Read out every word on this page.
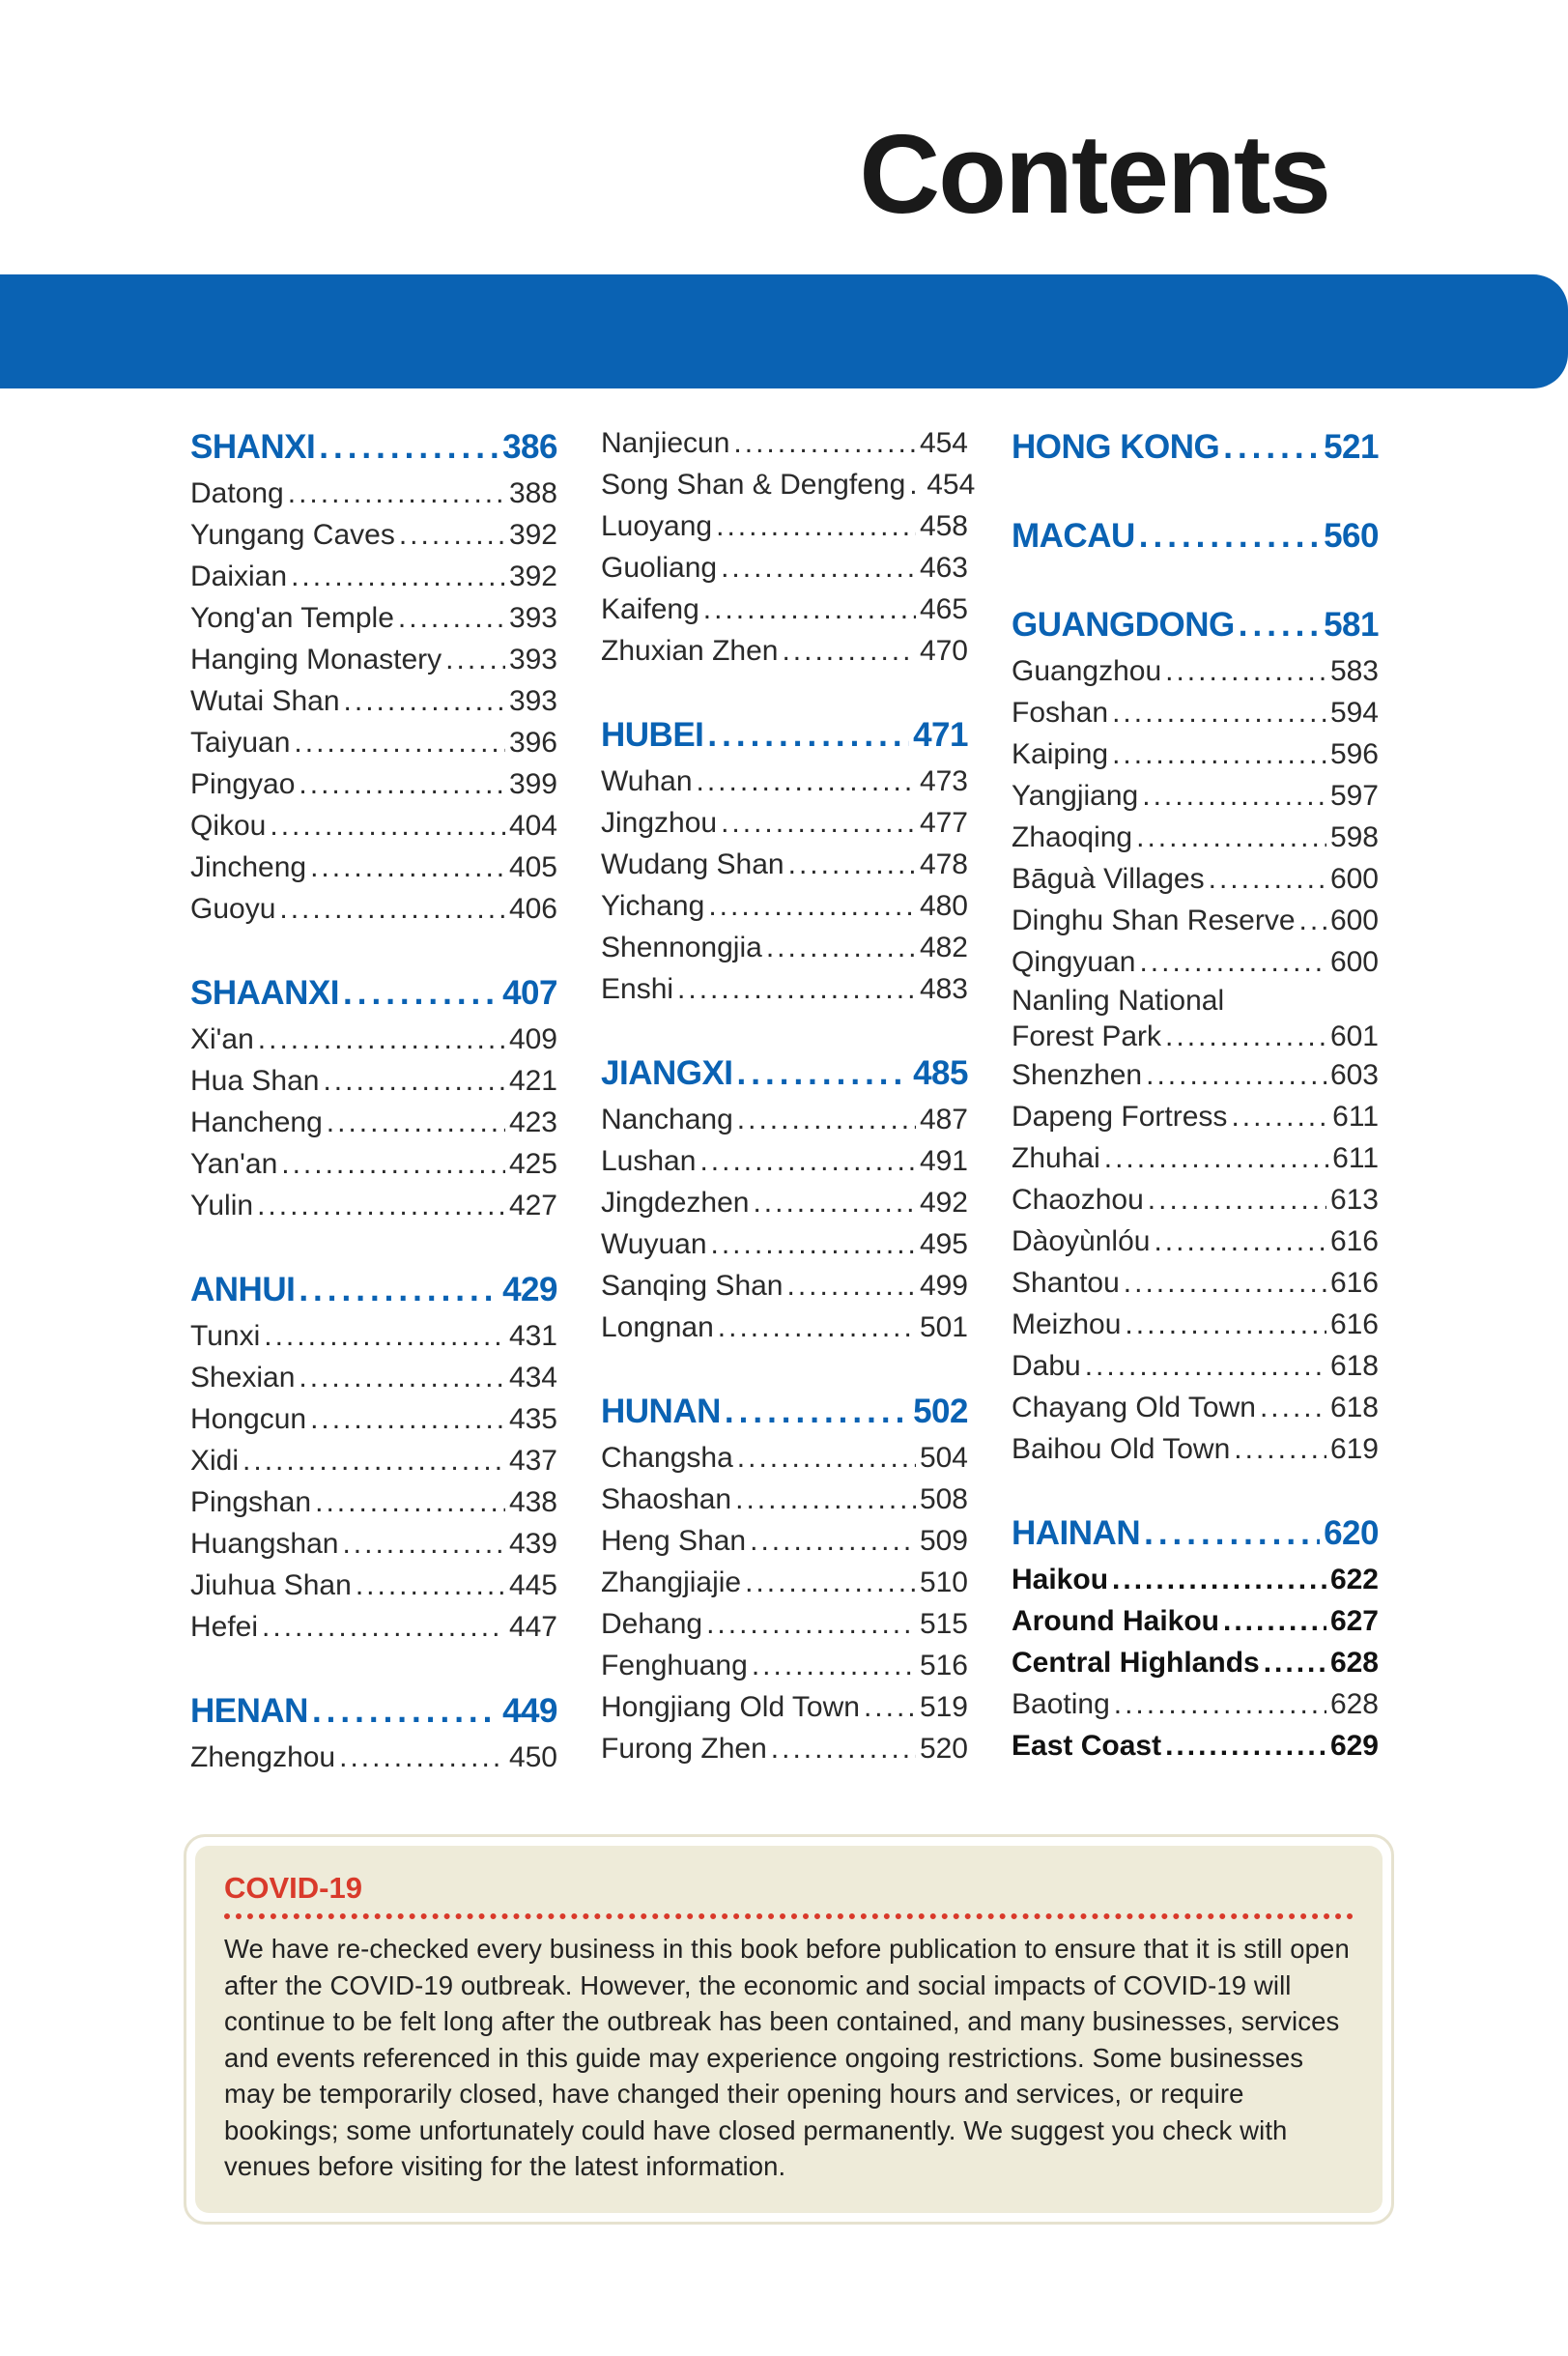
Contents
SHANXI .....	386
Datong .....	388
Yungang Caves .....	392
Daixian .....	392
Yong'an Temple .....	393
Hanging Monastery ..... 393
Wutai Shan .....	393
Taiyuan .....	396
Pingyao .....	399
Qikou .....	404
Jincheng .....	405
Guoyu .....	406
SHAANXI .....	407
Xi'an .....	409
Hua Shan .....	421
Hancheng .....	423
Yan'an .....	425
Yulin .....	427
ANHUI .....	429
Tunxi .....	431
Shexian .....	434
Hongcun .....	435
Xidi .....	437
Pingshan .....	438
Huangshan .....	439
Jiuhua Shan .....	445
Hefei .....	447
HENAN .....	449
Zhengzhou .....	450
Nanjiecun .....	454
Song Shan & Dengfeng ..... 454
Luoyang .....	458
Guoliang .....	463
Kaifeng .....	465
Zhuxian Zhen .....	470
HUBEI .....	471
Wuhan .....	473
Jingzhou .....	477
Wudang Shan .....	478
Yichang .....	480
Shennongjia .....	482
Enshi .....	483
JIANGXI .....	485
Nanchang .....	487
Lushan .....	491
Jingdezhen .....	492
Wuyuan .....	495
Sanqing Shan .....	499
Longnan .....	501
HUNAN .....	502
Changsha .....	504
Shaoshan .....	508
Heng Shan .....	509
Zhangjiajie .....	510
Dehang .....	515
Fenghuang .....	516
Hongjiang Old Town ..... 519
Furong Zhen .....	520
HONG KONG .....	521
MACAU .....	560
GUANGDONG .....	581
Guangzhou .....	583
Foshan .....	594
Kaiping .....	596
Yangjiang .....	597
Zhaoqing .....	598
Bāguà Villages .....	600
Dinghu Shan Reserve ..... 600
Qingyuan .....	600
Nanling National
Forest Park .....	601
Shenzhen .....	603
Dapeng Fortress .....	611
Zhuhai .....	611
Chaozhou .....	613
Dàoyùnlóu .....	616
Shantou .....	616
Meizhou .....	616
Dabu .....	618
Chayang Old Town .....	618
Baihou Old Town .....	619
HAINAN .....	620
Haikou .....	622
Around Haikou .....	627
Central Highlands ..... 628
Baoting .....	628
East Coast .....	629
COVID-19
We have re-checked every business in this book before publication to ensure that it is still open after the COVID-19 outbreak. However, the economic and social impacts of COVID-19 will continue to be felt long after the outbreak has been contained, and many businesses, services and events referenced in this guide may experience ongoing restrictions. Some businesses may be temporarily closed, have changed their opening hours and services, or require bookings; some unfortunately could have closed permanently. We suggest you check with venues before visiting for the latest information.
